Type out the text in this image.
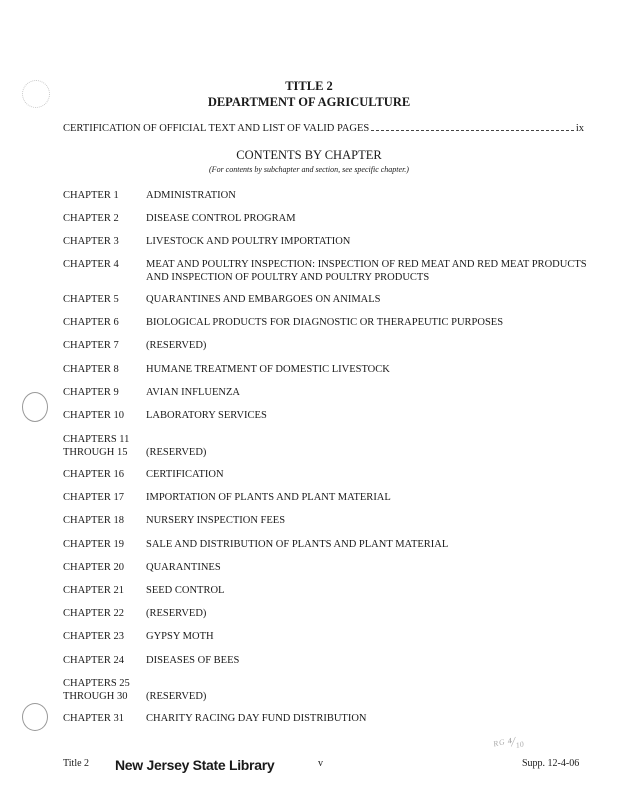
TITLE 2
DEPARTMENT OF AGRICULTURE
CERTIFICATION OF OFFICIAL TEXT AND LIST OF VALID PAGES	ix
CONTENTS BY CHAPTER
(For contents by subchapter and section, see specific chapter.)
CHAPTER 1	ADMINISTRATION
CHAPTER 2	DISEASE CONTROL PROGRAM
CHAPTER 3	LIVESTOCK AND POULTRY IMPORTATION
CHAPTER 4	MEAT AND POULTRY INSPECTION: INSPECTION OF RED MEAT AND RED MEAT PRODUCTS AND INSPECTION OF POULTRY AND POULTRY PRODUCTS
CHAPTER 5	QUARANTINES AND EMBARGOES ON ANIMALS
CHAPTER 6	BIOLOGICAL PRODUCTS FOR DIAGNOSTIC OR THERAPEUTIC PURPOSES
CHAPTER 7	(RESERVED)
CHAPTER 8	HUMANE TREATMENT OF DOMESTIC LIVESTOCK
CHAPTER 9	AVIAN INFLUENZA
CHAPTER 10	LABORATORY SERVICES
CHAPTERS 11
THROUGH 15	(RESERVED)
CHAPTER 16	CERTIFICATION
CHAPTER 17	IMPORTATION OF PLANTS AND PLANT MATERIAL
CHAPTER 18	NURSERY INSPECTION FEES
CHAPTER 19	SALE AND DISTRIBUTION OF PLANTS AND PLANT MATERIAL
CHAPTER 20	QUARANTINES
CHAPTER 21	SEED CONTROL
CHAPTER 22	(RESERVED)
CHAPTER 23	GYPSY MOTH
CHAPTER 24	DISEASES OF BEES
CHAPTERS 25
THROUGH 30	(RESERVED)
CHAPTER 31	CHARITY RACING DAY FUND DISTRIBUTION
Title 2 New Jersey State Library	v
ᴿᴳ ⁴⁄₁₀
Supp. 12-4-06
